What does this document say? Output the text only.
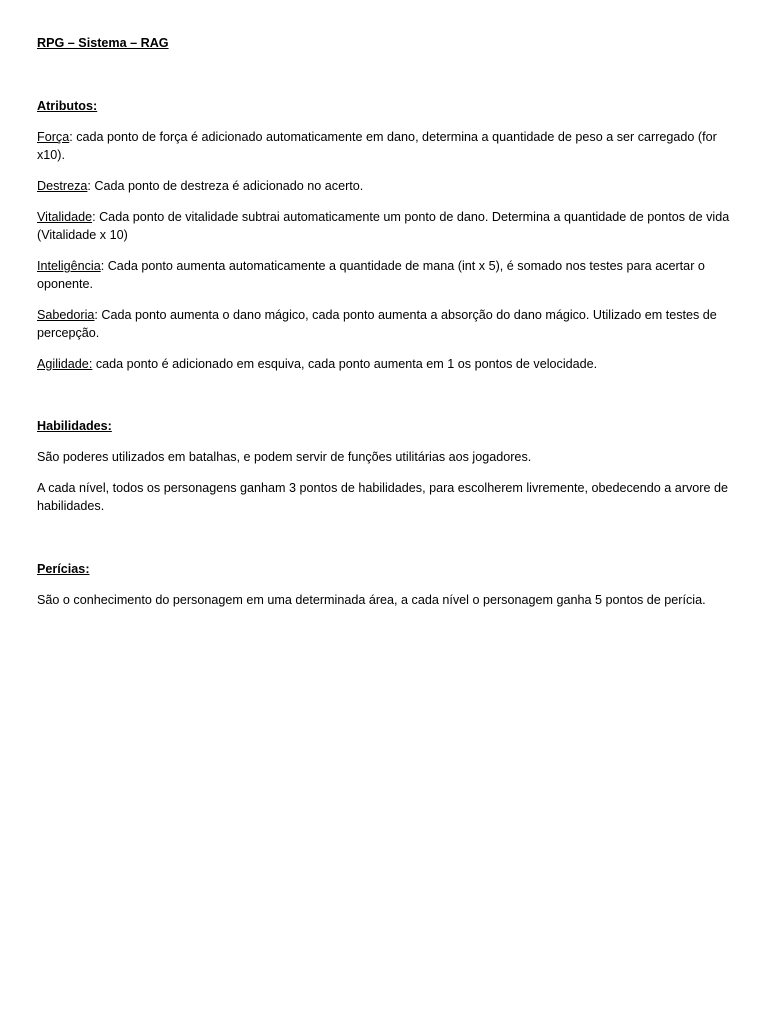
RPG – Sistema – RAG

Atributos:

Força: cada ponto de força é adicionado automaticamente em dano, determina a quantidade de peso a ser carregado (for x10).

Destreza: Cada ponto de destreza é adicionado no acerto.

Vitalidade: Cada ponto de vitalidade subtrai automaticamente um ponto de dano. Determina a quantidade de pontos de vida (Vitalidade x 10)

Inteligência: Cada ponto aumenta automaticamente a quantidade de mana (int x 5), é somado nos testes para acertar o oponente.

Sabedoria: Cada ponto aumenta o dano mágico, cada ponto aumenta a absorção do dano mágico. Utilizado em testes de percepção.

Agilidade: cada ponto é adicionado em esquiva, cada ponto aumenta em 1 os pontos de velocidade.

Habilidades:

São poderes utilizados em batalhas, e podem servir de funções utilitárias aos jogadores.

A cada nível, todos os personagens ganham 3 pontos de habilidades, para escolherem livremente, obedecendo a arvore de habilidades.

Perícias:

São o conhecimento do personagem em uma determinada área, a cada nível o personagem ganha 5 pontos de perícia.
